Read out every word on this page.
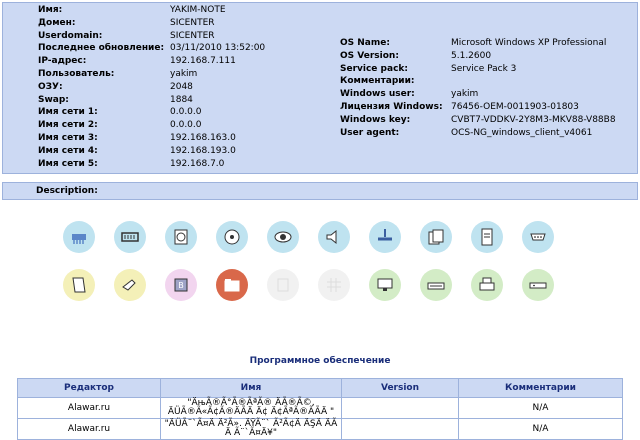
Имя:	YAKIM-NOTE
Домен:	SICENTER
Userdomain:	SICENTER
Последнее обновление: 03/11/2010 13:52:00
IP-адрес:	192.168.7.111
Пользователь:	yakim
ОЗУ:	2048
Swap:	1884
Имя сети 1:	0.0.0.0
Имя сети 2:	0.0.0.0
Имя сети 3:	192.168.163.0
Имя сети 4:	192.168.193.0
Имя сети 5:	192.168.7.0
OS Name:	Microsoft Windows XP Professional
OS Version:	5.1.2600
Service pack:	Service Pack 3
Комментарии:
Windows user:	yakim
Лицензия Windows: 76456-OEM-0011903-01803
Windows key:	CVBT7-VDDKV-2Y8M3-MKV88-V88B8
User agent:	OCS-NG_windows_client_v4061
Description:
B
Программное обеспечение
Редактор	Имя	Version	Комментарии
Alawar.ru	"ÄњÃ®Ã°Ã®ÃªÃ® ÄÃ®Ã©, ÄÜÃ®Ã«Ã¢Ã®ÄÃÄ Ä¢ Ä¢ÃªÃ®ÃÃÄ "		N/A
Alawar.ru	"ÄÜÃ¨`Ã¤Ä Ä²Ã». ÄŸÃ¨` Ã²Ã¢Ä ÄŞÄ ÄÃ Ä Ã¨`Ã¤Ä¥"		N/A
